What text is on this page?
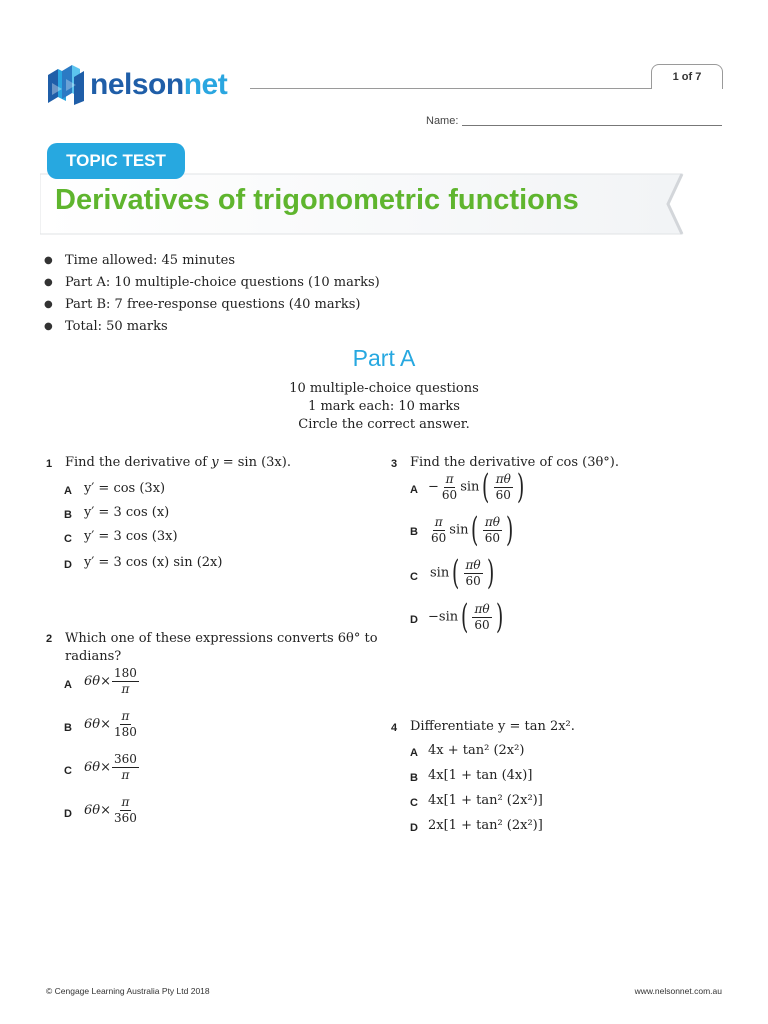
nelsonnet	1 of 7
Name:
TOPIC TEST
Derivatives of trigonometric functions
● Time allowed: 45 minutes
● Part A: 10 multiple-choice questions (10 marks)
● Part B: 7 free-response questions (40 marks)
● Total: 50 marks
Part A
10 multiple-choice questions
1 mark each: 10 marks
Circle the correct answer.
1 Find the derivative of y = sin (3x).
A y′ = cos (3x)
B y′ = 3 cos (x)
C y′ = 3 cos (3x)
D y′ = 3 cos (x) sin (2x)
2 Which one of these expressions converts 6θ° to
radians?
A $6\theta\times \frac{180}{\pi}$
B $6\theta\times \frac{\pi}{180}$
C $6\theta\times \frac{360}{\pi}$
D $6\theta\times \frac{\pi}{360}$
3 Find the derivative of cos (3θ°).
$A - \frac{\pi}{60} \sin( \frac{\pi\theta}{60}$ )
B $\frac{\pi}{60} \sin( \frac{\pi\theta}{60}$ )
C $\sin( \frac{\pi\theta}{60}$ )
$D -\sin( \frac{\pi\theta}{60}$ )
4 Differentiate y = tan 2x².
A 4x + tan² (2x²)
B 4x[1 + tan (4x)]
C 4x[1 + tan² (2x²)]
D 2x[1 + tan² (2x²)]
© Cengage Learning Australia Pty Ltd 2018	www.nelsonnet.com.au
